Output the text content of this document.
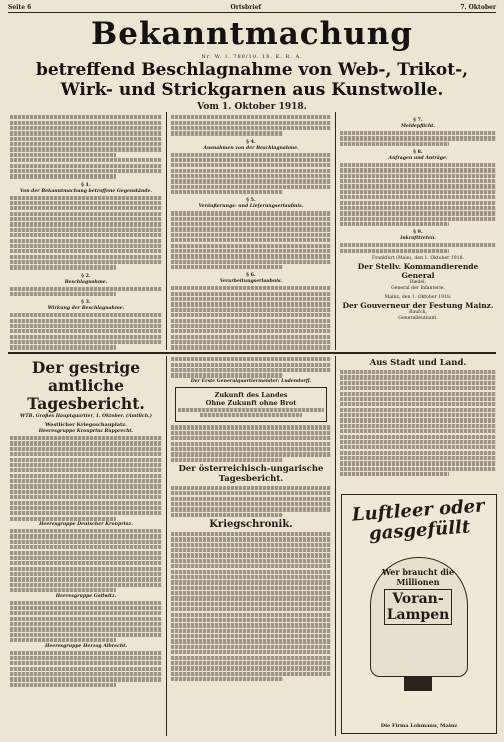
Seite 6	Ortsbrief	7. Oktober
Bekanntmachung
Nr. W. I. 780/10. 18. K. R. A.
betreffend Beschlagnahme von Web-, Trikot-, Wirk- und Strickgarnen aus Kunstwolle.
Vom 1. Oktober 1918.
§ 1.
Von der Bekanntmachung betroffene Gegenstände.
§ 2.
Beschlagnahme.
§ 3.
Wirkung der Beschlagnahme.
§ 4.
Ausnahmen von der Beschlagnahme.
§ 5.
Veräußerungs- und Lieferungserlaubnis.
§ 6.
Verarbeitungserlaubnis.
§ 7.
Meldepflicht.
§ 8.
Anfragen und Anträge.
§ 9.
Inkrafttreten.
Frankfurt (Main), den 1. Oktober 1918.
Der Stellv. Kommandierende General
Riedel,
General der Infanterie.
Mainz, den 1. Oktober 1918.
Der Gouverneur der Festung Mainz.
Baufch,
Generalleutnant.
Der gestrige amtliche Tagesbericht.
WTB. Großes Hauptquartier, 1. Oktober. (Amtlich.)
Westlicher Kriegsschauplatz.
Heeresgruppe Kronprinz Rupprecht.
Heeresgruppe Deutscher Kronprinz.
Heeresgruppe Gallwitz.
Heeresgruppe Herzog Albrecht.
Der Erste Generalquartiermeister: Ludendorff.
Zukunft des Landes
Ohne Zukunft ohne Brot
Der österreichisch-ungarische Tagesbericht.
Kriegschronik.
Aus Stadt und Land.
Luftleer oder gasgefüllt
Wer braucht die Millionen
Voran-Lampen
Die Firma Lohmann, Mainz
